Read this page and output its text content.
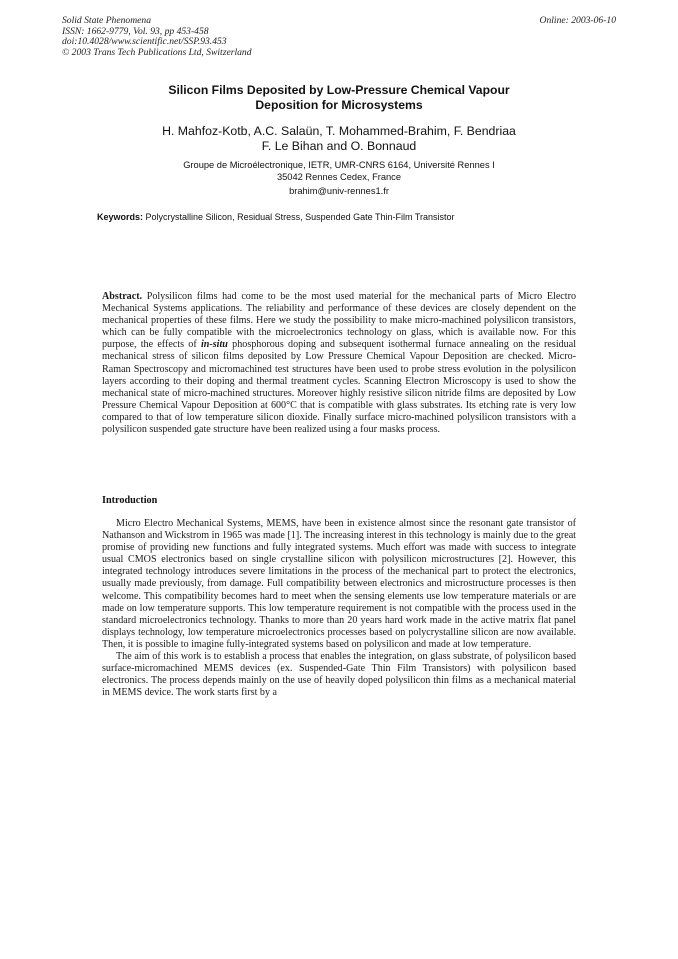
Solid State Phenomena
ISSN: 1662-9779, Vol. 93, pp 453-458
doi:10.4028/www.scientific.net/SSP.93.453
© 2003 Trans Tech Publications Ltd, Switzerland
Online: 2003-06-10
Silicon Films Deposited by Low-Pressure Chemical Vapour
Deposition for Microsystems
H. Mahfoz-Kotb, A.C. Salaün, T. Mohammed-Brahim, F. Bendriaa
F. Le Bihan and O. Bonnaud
Groupe de Microélectronique, IETR, UMR-CNRS 6164, Université Rennes I
35042 Rennes Cedex, France
brahim@univ-rennes1.fr
Keywords: Polycrystalline Silicon, Residual Stress, Suspended Gate Thin-Film Transistor
Abstract. Polysilicon films had come to be the most used material for the mechanical parts of Micro Electro Mechanical Systems applications. The reliability and performance of these devices are closely dependent on the mechanical properties of these films. Here we study the possibility to make micro-machined polysilicon transistors, which can be fully compatible with the microelectronics technology on glass, which is available now. For this purpose, the effects of in-situ phosphorous doping and subsequent isothermal furnace annealing on the residual mechanical stress of silicon films deposited by Low Pressure Chemical Vapour Deposition are checked. Micro-Raman Spectroscopy and micromachined test structures have been used to probe stress evolution in the polysilicon layers according to their doping and thermal treatment cycles. Scanning Electron Microscopy is used to show the mechanical state of micro-machined structures. Moreover highly resistive silicon nitride films are deposited by Low Pressure Chemical Vapour Deposition at 600°C that is compatible with glass substrates. Its etching rate is very low compared to that of low temperature silicon dioxide. Finally surface micro-machined polysilicon transistors with a polysilicon suspended gate structure have been realized using a four masks process.
Introduction

Micro Electro Mechanical Systems, MEMS, have been in existence almost since the resonant gate transistor of Nathanson and Wickstrom in 1965 was made [1]. The increasing interest in this technology is mainly due to the great promise of providing new functions and fully integrated systems. Much effort was made with success to integrate usual CMOS electronics based on single crystalline silicon with polysilicon microstructures [2]. However, this integrated technology introduces severe limitations in the process of the mechanical part to protect the electronics, usually made previously, from damage. Full compatibility between electronics and microstructure processes is then welcome. This compatibility becomes hard to meet when the sensing elements use low temperature materials or are made on low temperature supports. This low temperature requirement is not compatible with the process used in the standard microelectronics technology. Thanks to more than 20 years hard work made in the active matrix flat panel displays technology, low temperature microelectronics processes based on polycrystalline silicon are now available. Then, it is possible to imagine fully-integrated systems based on polysilicon and made at low temperature.

The aim of this work is to establish a process that enables the integration, on glass substrate, of polysilicon based surface-micromachined MEMS devices (ex. Suspended-Gate Thin Film Transistors) with polysilicon based electronics. The process depends mainly on the use of heavily doped polysilicon thin films as a mechanical material in MEMS device. The work starts first by a
